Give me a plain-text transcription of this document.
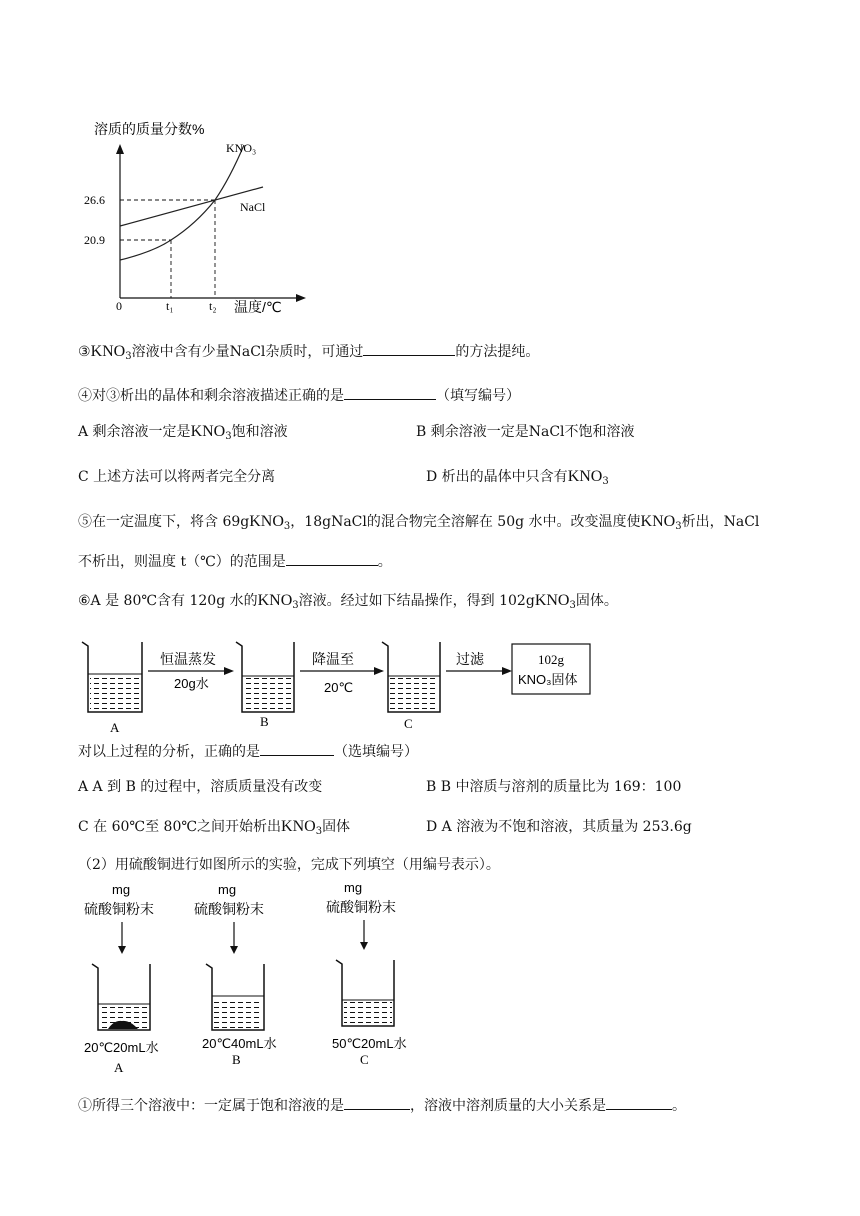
溶质的质量分数%
26.6
20.9
0	t₁	t₂ 温度/℃
KNO₃
NaCl
$③KNO_3$溶液中含有少量NaCl杂质时，可通过	的方法提纯。
④对③析出的晶体和剩余溶液描述正确的是	（填写编号）
A 剩余溶液一定是$KNO_3$饱和溶液	B 剩余溶液一定是NaCl不饱和溶液
C 上述方法可以将两者完全分离	D 析出的晶体中只含有$KNO_3$
⑤在一定温度下，将含 69gKNO$_3$，18gNaCl的混合物完全溶解在 50g 水中。改变温度使$KNO_3$析出，NaCl
不析出，则温度 t（℃）的范围是	。
⑥A 是 80℃含有 120g 水的$KNO_3$溶液。经过如下结晶操作，得到 102gKNO$_3$固体。
A
恒温蒸发
20g水
B
降温至
20℃
C
过滤	102g
KNO₃固体
对以上过程的分析，正确的是	（选填编号）
A A 到 B 的过程中，溶质质量没有改变	B B 中溶质与溶剂的质量比为 169：100
C 在 60℃至 80℃之间开始析出$KNO_3$固体	D A 溶液为不饱和溶液，其质量为 253.6g
（2）用硫酸铜进行如图所示的实验，完成下列填空（用编号表示）。
mg
硫酸铜粉末
20℃20mL水
A
mg
硫酸铜粉末
20℃40mL水
B
mg
硫酸铜粉末
50℃20mL水
C
①所得三个溶液中：一定属于饱和溶液的是	，溶液中溶剂质量的大小关系是	。
